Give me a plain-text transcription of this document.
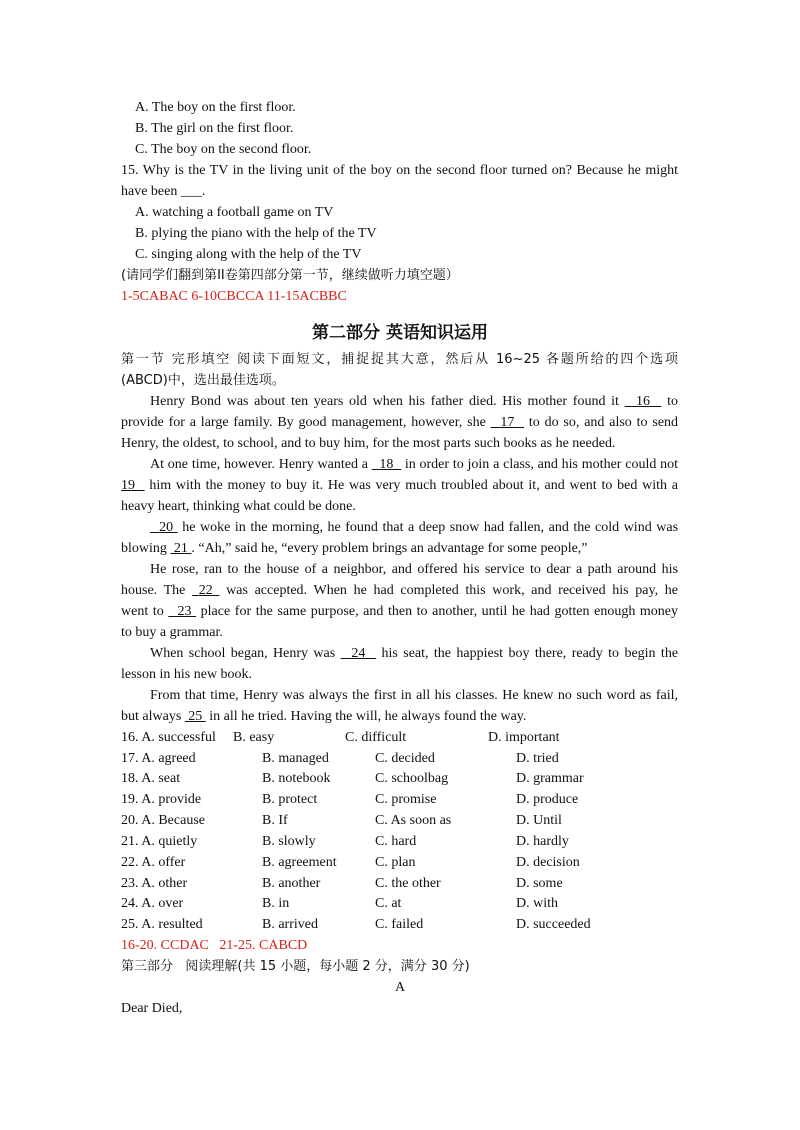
A. The boy on the first floor.
B. The girl on the first floor.
C. The boy on the second floor.
15. Why is the TV in the living unit of the boy on the second floor turned on? Because he might
have been ___.
A. watching a football game on TV
B. plying the piano with the help of the TV
C. singing along with the help of the TV
(请同学们翻到第II卷第四部分第一节，继续做听力填空题）
1-5CABAC 6-10CBCCA 11-15ACBBC
第二部分 英语知识运用
第一节 完形填空 阅读下面短文，捕捉捉其大意，然后从 16~25 各题所给的四个选项
(ABCD)中，选出最佳选项。
Henry Bond was about ten years old when his father died. His mother found it 16 to
provide for a large family. By good management, however, she 17 to do so, and also to send
Henry, the oldest, to school, and to buy him, for the most parts such books as he needed.
At one time, however. Henry wanted a 18 in order to join a class, and his mother could not
19 him with the money to buy it. He was very much troubled about it, and went to bed with a
heavy heart, thinking what could be done.
20 he woke in the morning, he found that a deep snow had fallen, and the cold wind was
blowing 21 . “Ah,” said he, “every problem brings an advantage for some people,”
He rose, ran to the house of a neighbor, and offered his service to dear a path around his
house. The 22 was accepted. When he had completed this work, and received his pay, he
went to 23 place for the same purpose, and then to another, until he had gotten enough money
to buy a grammar.
When school began, Henry was 24 his seat, the happiest boy there, ready to begin the
lesson in his new book.
From that time, Henry was always the first in all his classes. He knew no such word as fail,
but always 25 in all he tried. Having the will, he always found the way.
16. A. successful B. easy	C. difficult	D. important
17. A. agreed	B. managed	C. decided	D. tried
18. A. seat	B. notebook	C. schoolbag	D. grammar
19. A. provide	B. protect	C. promise	D. produce
20. A. Because	B. If	C. As soon as	D. Until
21. A. quietly	B. slowly	C. hard	D. hardly
22. A. offer	B. agreement	C. plan	D. decision
23. A. other	B. another	C. the other	D. some
24. A. over	B. in	C. at	D. with
25. A. resulted	B. arrived	C. failed	D. succeeded
16-20. CCDAC   21-25. CABCD
第三部分   阅读理解(共 15 小题，每小题 2 分，满分 30 分)
A
Dear Died,
